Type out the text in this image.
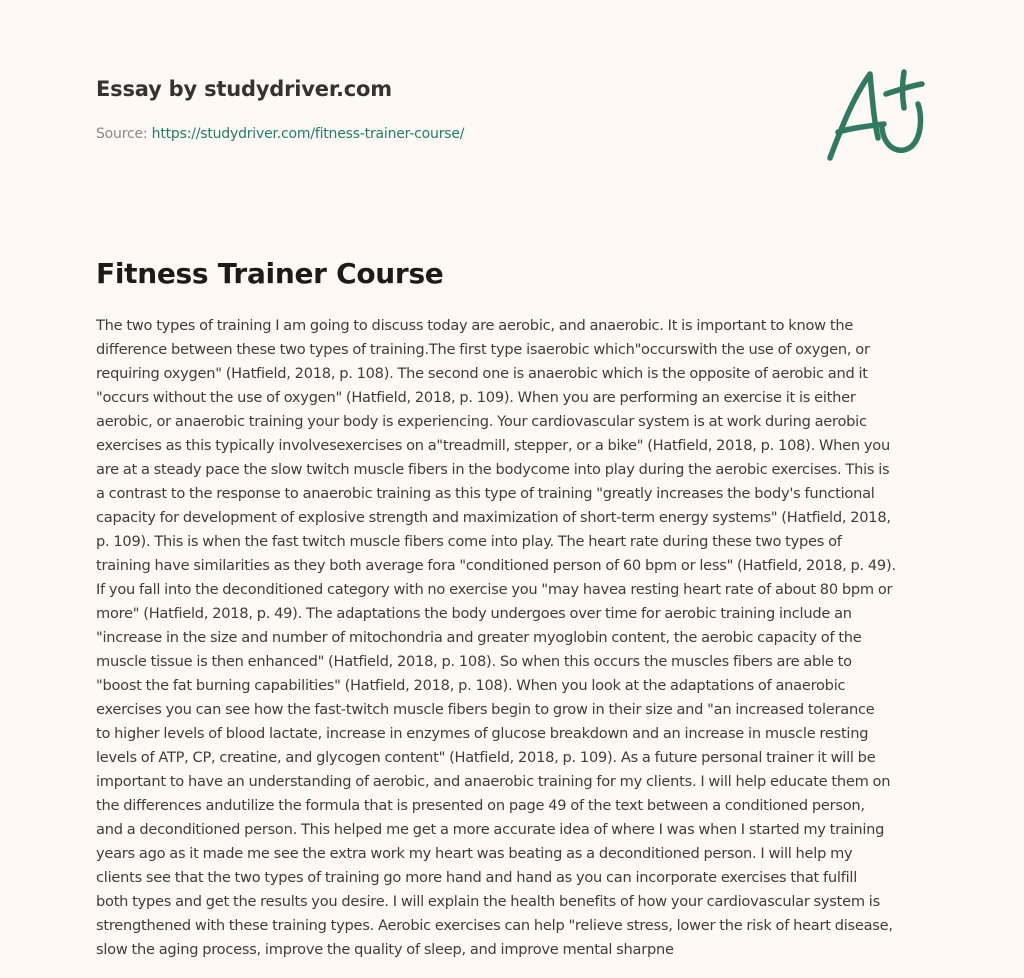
Essay by studydriver.com
Source: https://studydriver.com/fitness-trainer-course/
Fitness Trainer Course
The two types of training I am going to discuss today are aerobic, and anaerobic. It is important to know the
difference between these two types of training.The first type isaerobic which"occurswith the use of oxygen, or
requiring oxygen" (Hatfield, 2018, p. 108). The second one is anaerobic which is the opposite of aerobic and it
"occurs without the use of oxygen" (Hatfield, 2018, p. 109). When you are performing an exercise it is either
aerobic, or anaerobic training your body is experiencing. Your cardiovascular system is at work during aerobic
exercises as this typically involvesexercises on a"treadmill, stepper, or a bike" (Hatfield, 2018, p. 108). When you
are at a steady pace the slow twitch muscle fibers in the bodycome into play during the aerobic exercises. This is
a contrast to the response to anaerobic training as this type of training "greatly increases the body's functional
capacity for development of explosive strength and maximization of short-term energy systems" (Hatfield, 2018,
p. 109). This is when the fast twitch muscle fibers come into play. The heart rate during these two types of
training have similarities as they both average fora "conditioned person of 60 bpm or less" (Hatfield, 2018, p. 49).
If you fall into the deconditioned category with no exercise you "may havea resting heart rate of about 80 bpm or
more" (Hatfield, 2018, p. 49). The adaptations the body undergoes over time for aerobic training include an
"increase in the size and number of mitochondria and greater myoglobin content, the aerobic capacity of the
muscle tissue is then enhanced" (Hatfield, 2018, p. 108). So when this occurs the muscles fibers are able to
"boost the fat burning capabilities" (Hatfield, 2018, p. 108). When you look at the adaptations of anaerobic
exercises you can see how the fast-twitch muscle fibers begin to grow in their size and "an increased tolerance
to higher levels of blood lactate, increase in enzymes of glucose breakdown and an increase in muscle resting
levels of ATP, CP, creatine, and glycogen content" (Hatfield, 2018, p. 109). As a future personal trainer it will be
important to have an understanding of aerobic, and anaerobic training for my clients. I will help educate them on
the differences andutilize the formula that is presented on page 49 of the text between a conditioned person,
and a deconditioned person. This helped me get a more accurate idea of where I was when I started my training
years ago as it made me see the extra work my heart was beating as a deconditioned person. I will help my
clients see that the two types of training go more hand and hand as you can incorporate exercises that fulfill
both types and get the results you desire. I will explain the health benefits of how your cardiovascular system is
strengthened with these training types. Aerobic exercises can help "relieve stress, lower the risk of heart disease,
slow the aging process, improve the quality of sleep, and improve mental sharpne
